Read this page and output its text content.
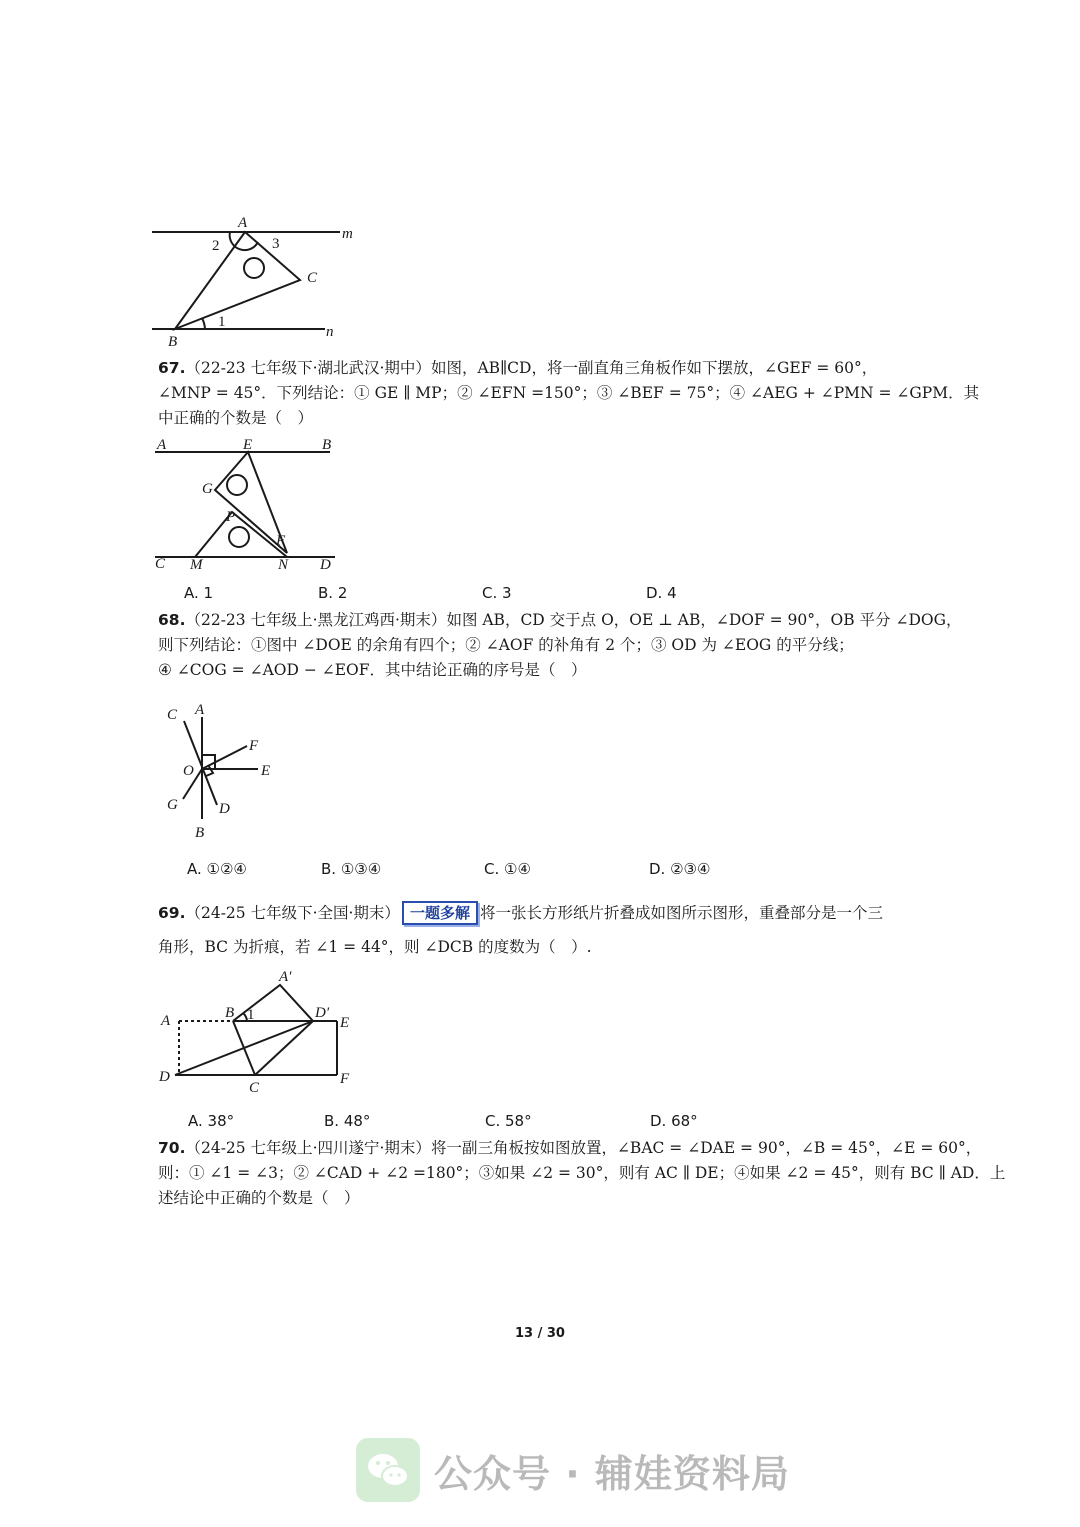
A
m
C
n
B
2	3
1
67.（22-23 七年级下·湖北武汉·期中）如图，AB∥CD，将一副直角三角板作如下摆放，∠GEF = 60°，
∠MNP = 45°．下列结论：① GE ∥ MP；② ∠EFN =150°；③ ∠BEF = 75°；④ ∠AEG + ∠PMN = ∠GPM．其
中正确的个数是（　）
A	E	B
G
P
F
C M	N D
A. 1	B. 2	C. 3	D. 4
68.（22-23 七年级上·黑龙江鸡西·期末）如图 AB，CD 交于点 O，OE ⊥ AB，∠DOF = 90°，OB 平分 ∠DOG，
则下列结论：①图中 ∠DOE 的余角有四个；② ∠AOF 的补角有 2 个；③ OD 为 ∠EOG 的平分线；
④ ∠COG = ∠AOD − ∠EOF．其中结论正确的序号是（　）
C A
F
O	E
G	D
B
A. ①②④	B. ①③④	C. ①④	D. ②③④
69.（24-25 七年级下·全国·期末） 一题多解 将一张长方形纸片折叠成如图所示图形，重叠部分是一个三
角形，BC 为折痕，若 ∠1 = 44°，则 ∠DCB 的度数为（　）.
A′
A	B 1	D′
E
D
C
F
A. 38°	B. 48°	C. 58°	D. 68°
70.（24-25 七年级上·四川遂宁·期末）将一副三角板按如图放置，∠BAC = ∠DAE = 90°，∠B = 45°，∠E = 60°，
则：① ∠1 = ∠3；② ∠CAD + ∠2 =180°；③如果 ∠2 = 30°，则有 AC ∥ DE；④如果 ∠2 = 45°，则有 BC ∥ AD．上
述结论中正确的个数是（　）
13 / 30
公众号 · 辅娃资料局
